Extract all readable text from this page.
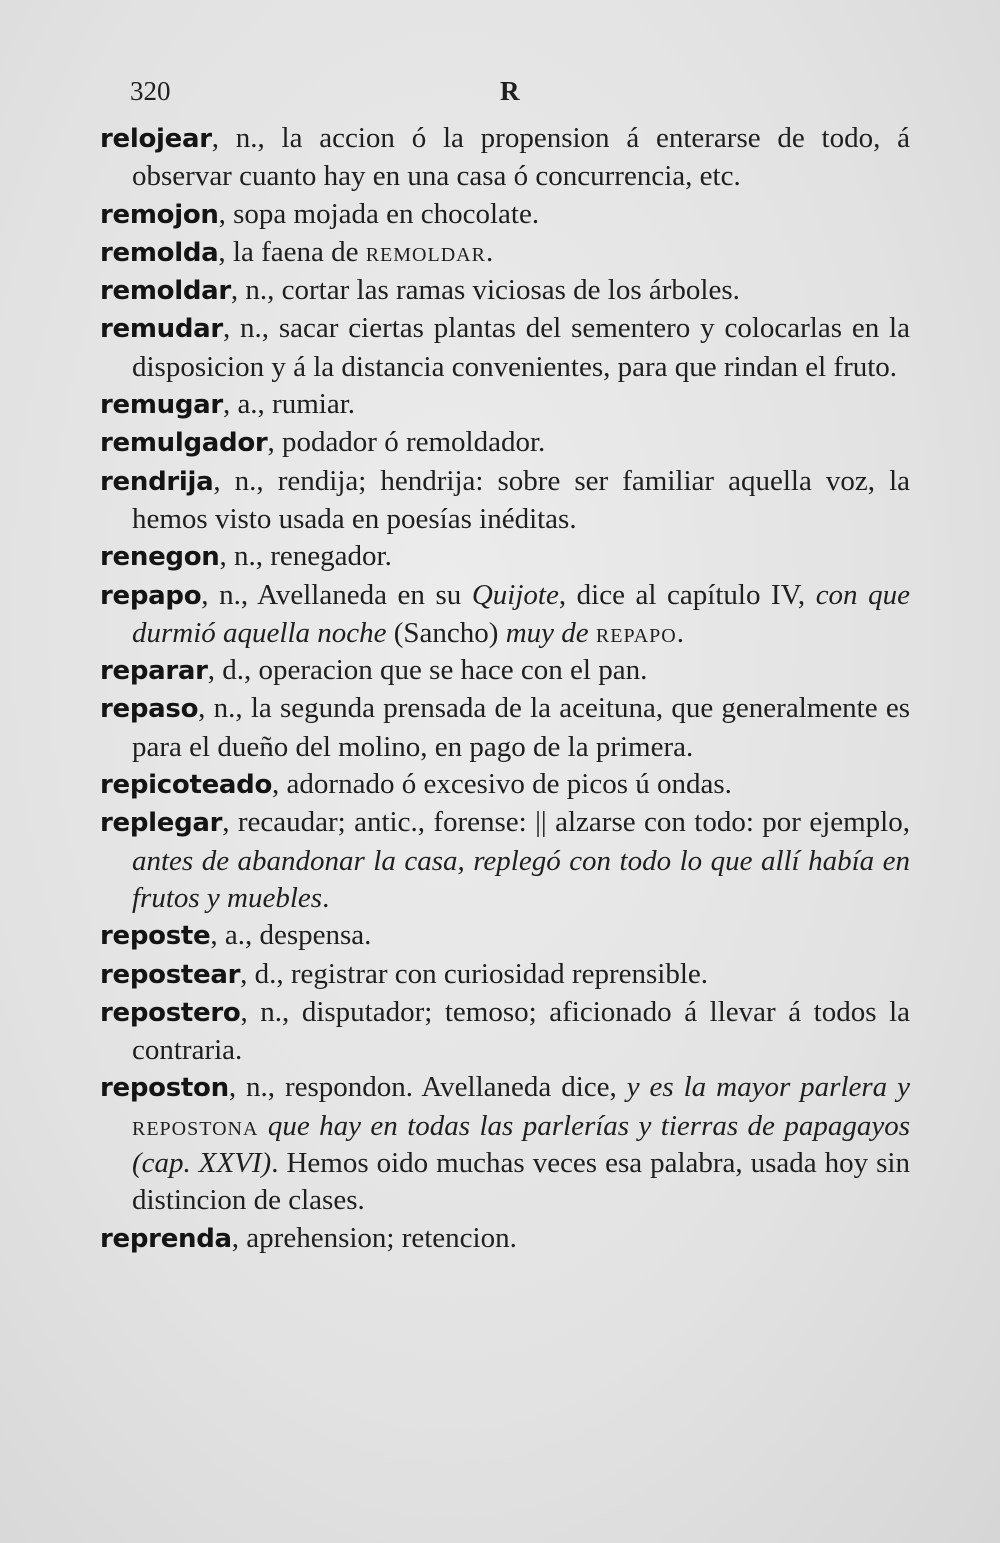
320	R

relojear, n., la accion ó la propension á enterarse de todo, á observar cuanto hay en una casa ó concurrencia, etc.

remojon, sopa mojada en chocolate.

remolda, la faena de remoldar.

remoldar, n., cortar las ramas viciosas de los árboles.

remudar, n., sacar ciertas plantas del sementero y colocarlas en la disposicion y á la distancia convenientes, para que rindan el fruto.

remugar, a., rumiar.

remulgador, podador ó remoldador.

rendrija, n., rendija; hendrija: sobre ser familiar aquella voz, la hemos visto usada en poesías inéditas.

renegon, n., renegador.

repapo, n., Avellaneda en su Quijote, dice al capítulo IV, con que durmió aquella noche (Sancho) muy de repapo.

reparar, d., operacion que se hace con el pan.

repaso, n., la segunda prensada de la aceituna, que generalmente es para el dueño del molino, en pago de la primera.

repicoteado, adornado ó excesivo de picos ú ondas.

replegar, recaudar; antic., forense: || alzarse con todo: por ejemplo, antes de abandonar la casa, replegó con todo lo que allí había en frutos y muebles.

reposte, a., despensa.

repostear, d., registrar con curiosidad reprensible.

repostero, n., disputador; temoso; aficionado á llevar á todos la contraria.

reposton, n., respondon. Avellaneda dice, y es la mayor parlera y repostona que hay en todas las parlerías y tierras de papagayos (cap. XXVI). Hemos oido muchas veces esa palabra, usada hoy sin distincion de clases.

reprenda, aprehension; retencion.
